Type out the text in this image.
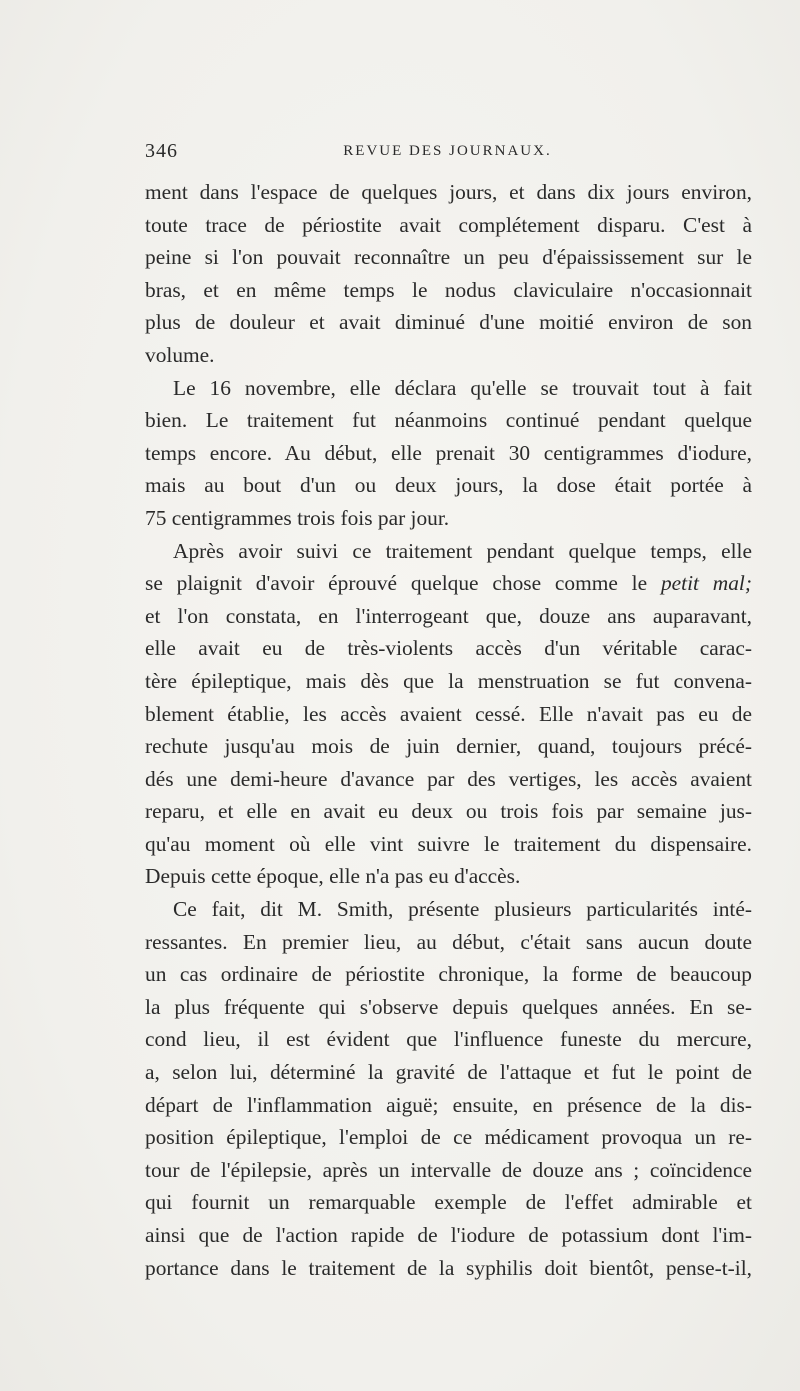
346	REVUE DES JOURNAUX.
ment dans l'espace de quelques jours, et dans dix jours environ,
toute trace de périostite avait complétement disparu. C'est à
peine si l'on pouvait reconnaître un peu d'épaississement sur le
bras, et en même temps le nodus claviculaire n'occasionnait
plus de douleur et avait diminué d'une moitié environ de son
volume.
Le 16 novembre, elle déclara qu'elle se trouvait tout à fait
bien. Le traitement fut néanmoins continué pendant quelque
temps encore. Au début, elle prenait 30 centigrammes d'iodure,
mais au bout d'un ou deux jours, la dose était portée à
75 centigrammes trois fois par jour.
Après avoir suivi ce traitement pendant quelque temps, elle
se plaignit d'avoir éprouvé quelque chose comme le petit mal;
et l'on constata, en l'interrogeant que, douze ans auparavant,
elle avait eu de très-violents accès d'un véritable carac-
tère épileptique, mais dès que la menstruation se fut convena-
blement établie, les accès avaient cessé. Elle n'avait pas eu de
rechute jusqu'au mois de juin dernier, quand, toujours précé-
dés une demi-heure d'avance par des vertiges, les accès avaient
reparu, et elle en avait eu deux ou trois fois par semaine jus-
qu'au moment où elle vint suivre le traitement du dispensaire.
Depuis cette époque, elle n'a pas eu d'accès.
Ce fait, dit M. Smith, présente plusieurs particularités inté-
ressantes. En premier lieu, au début, c'était sans aucun doute
un cas ordinaire de périostite chronique, la forme de beaucoup
la plus fréquente qui s'observe depuis quelques années. En se-
cond lieu, il est évident que l'influence funeste du mercure,
a, selon lui, déterminé la gravité de l'attaque et fut le point de
départ de l'inflammation aiguë; ensuite, en présence de la dis-
position épileptique, l'emploi de ce médicament provoqua un re-
tour de l'épilepsie, après un intervalle de douze ans ; coïncidence
qui fournit un remarquable exemple de l'effet admirable et
ainsi que de l'action rapide de l'iodure de potassium dont l'im-
portance dans le traitement de la syphilis doit bientôt, pense-t-il,
